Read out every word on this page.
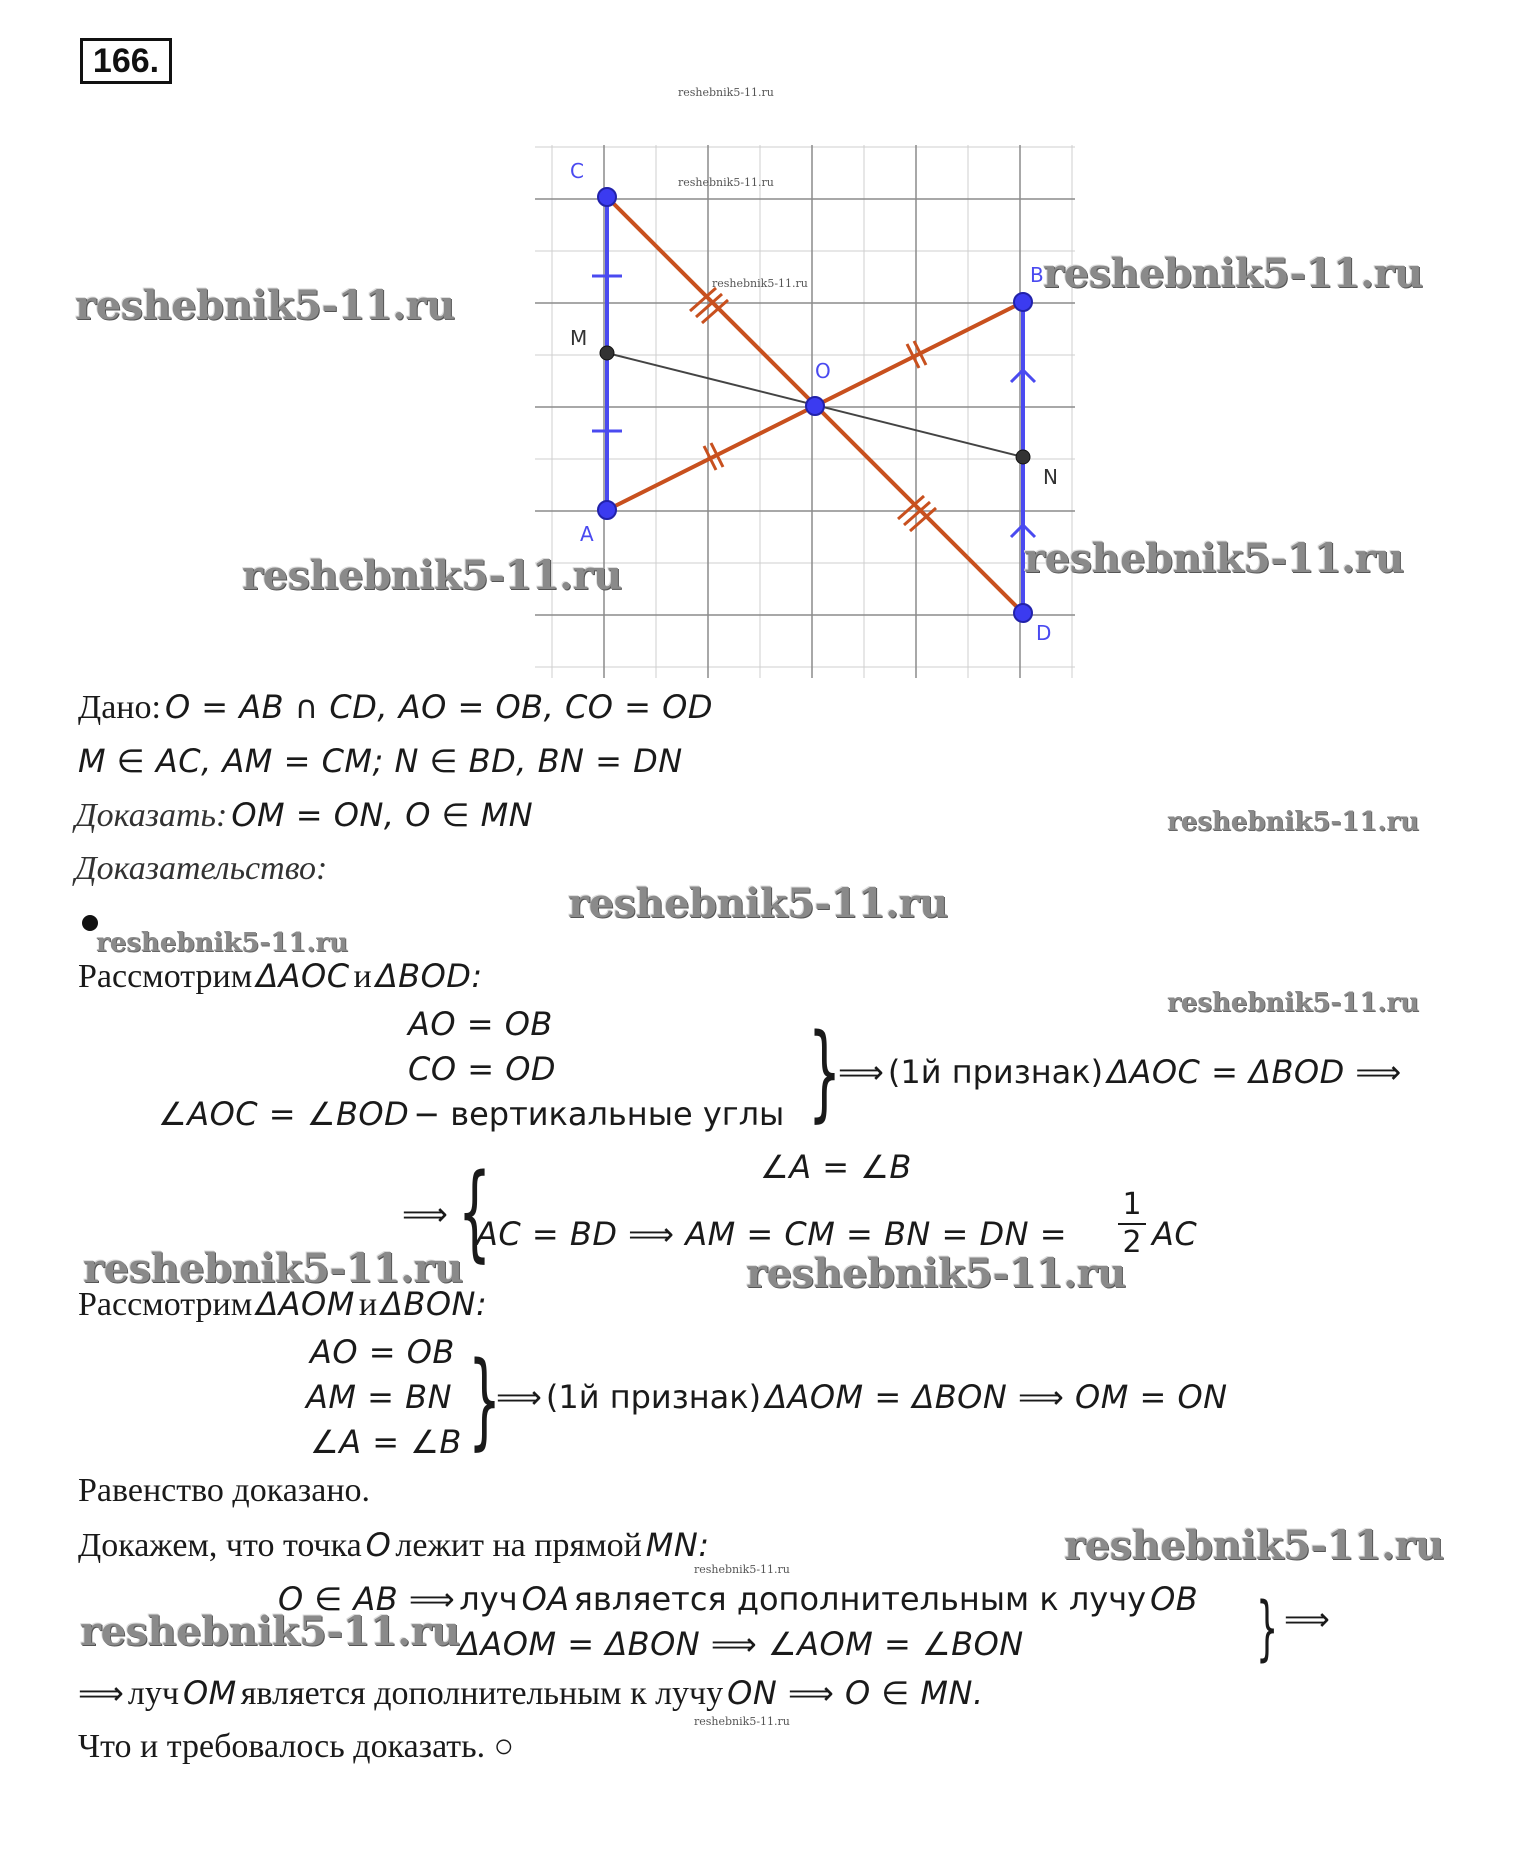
166.
reshebnik5-11.ru
C
B
M
O
N
A
D
reshebnik5-11.ru
reshebnik5-11.ru
reshebnik5-11.ru
reshebnik5-11.ru
reshebnik5-11.ru	reshebnik5-11.ru
Дано: O = AB ∩ CD, AO = OB, CO = OD
M ∈ AC, AM = CM; N ∈ BD, BN = DN
Доказать: OM = ON, O ∈ MN	reshebnik5-11.ru
Доказательство:
reshebnik5-11.ru
reshebnik5-11.ru
Рассмотрим ΔAOC и ΔBOD:
reshebnik5-11.ru
AO = OB
CO = OD
∠AOC = ∠BOD − вертикальные углы }
⟹ (1й признак) ΔAOC = ΔBOD ⟹
⟹ {	∠A = ∠B
AC = BD ⟹ AM = CM = BN = DN =
1
2 AC
reshebnik5-11.ru	reshebnik5-11.ru
Рассмотрим ΔAOM и ΔBON:
AO = OB
AM = BN
∠A = ∠B }
⟹ (1й признак) ΔAOM = ΔBON ⟹ OM = ON
Равенство доказано.
Докажем, что точка O лежит на прямой MN:	reshebnik5-11.ru
reshebnik5-11.ru
O ∈ AB ⟹ луч OA является дополнительным к лучу OB
reshebnik5-11.ru
ΔAOM = ΔBON ⟹ ∠AOM = ∠BON	} ⟹
⟹ луч OM является дополнительным к лучу ON ⟹ O ∈ MN.
reshebnik5-11.ru
Что и требовалось доказать. ○
